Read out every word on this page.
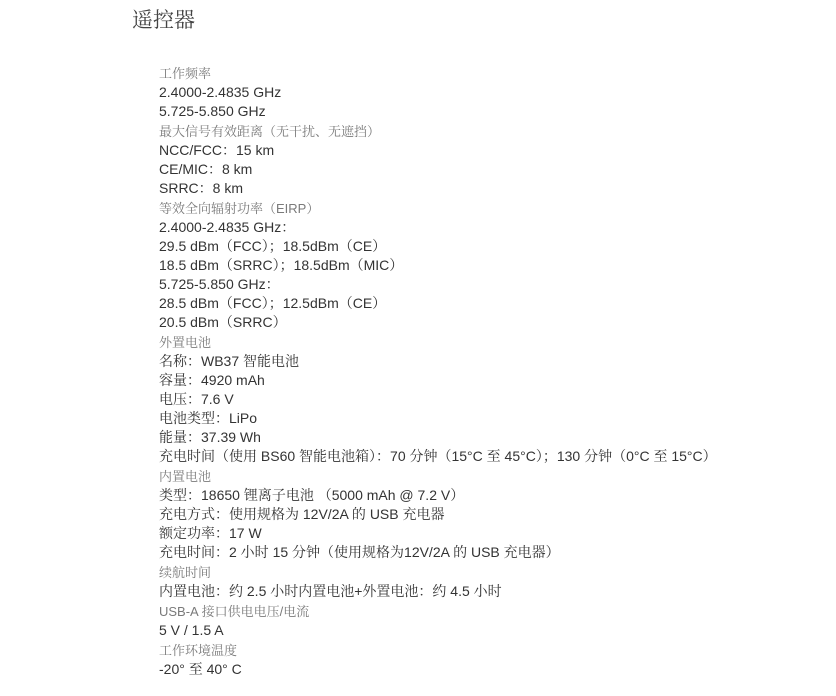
遥控器
工作频率
2.4000-2.4835 GHz
5.725-5.850 GHz
最大信号有效距离（无干扰、无遮挡）
NCC/FCC：15 km
CE/MIC：8 km
SRRC：8 km
等效全向辐射功率（EIRP）
2.4000-2.4835 GHz：
29.5 dBm（FCC）；18.5dBm（CE）
18.5 dBm（SRRC）；18.5dBm（MIC）
5.725-5.850 GHz：
28.5 dBm（FCC）；12.5dBm（CE）
20.5 dBm（SRRC）
外置电池
名称：WB37 智能电池
容量：4920 mAh
电压：7.6 V
电池类型：LiPo
能量：37.39 Wh
充电时间（使用 BS60 智能电池箱）：70 分钟（15°C 至 45°C）；130 分钟（0°C 至 15°C）
内置电池
类型：18650 锂离子电池 （5000 mAh @ 7.2 V）
充电方式：使用规格为 12V/2A 的 USB 充电器
额定功率：17 W
充电时间：2 小时 15 分钟（使用规格为12V/2A 的 USB 充电器）
续航时间
内置电池：约 2.5 小时内置电池+外置电池：约 4.5 小时
USB-A 接口供电电压/电流
5 V / 1.5 A
工作环境温度
-20° 至 40° C
